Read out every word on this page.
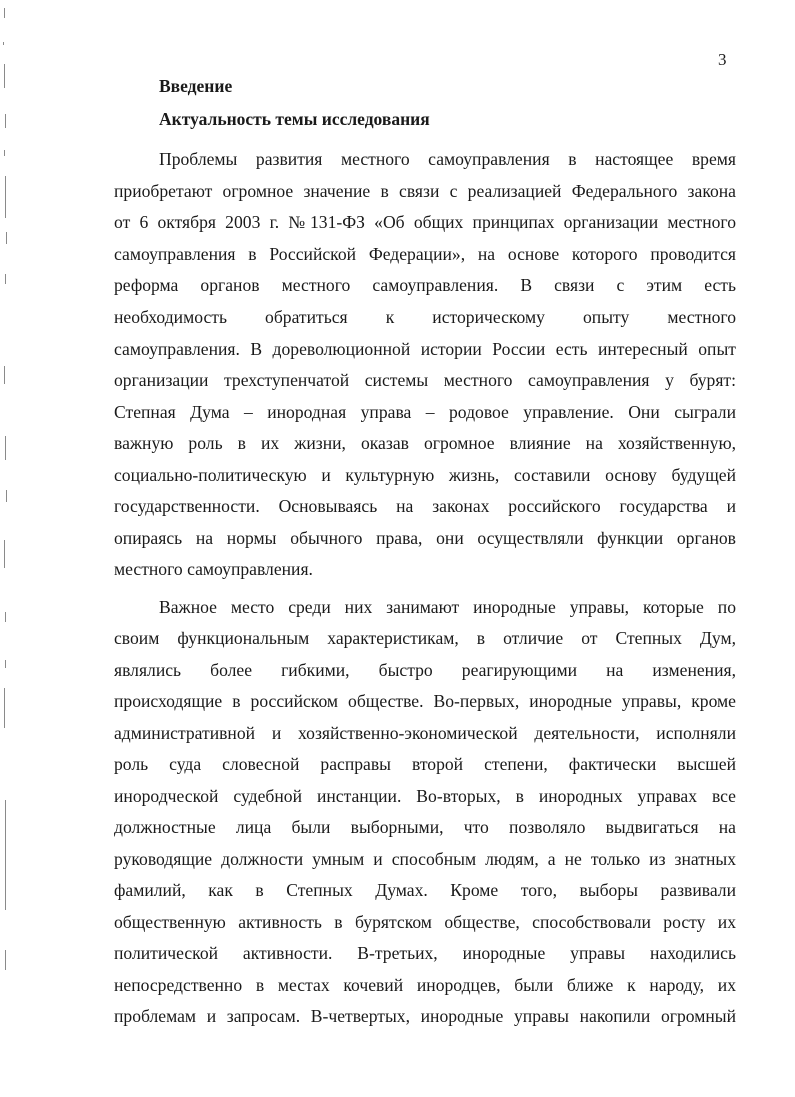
3
Введение
Актуальность темы исследования
Проблемы развития местного самоуправления в настоящее время
приобретают огромное значение в связи с реализацией Федерального закона
от 6 октября 2003 г. №131-ФЗ «Об общих принципах организации местного
самоуправления в Российской Федерации», на основе которого проводится
реформа органов местного самоуправления. В связи с этим есть
необходимость обратиться к историческому опыту местного
самоуправления. В дореволюционной истории России есть интересный опыт
организации трехступенчатой системы местного самоуправления у бурят:
Степная Дума – инородная управа – родовое управление. Они сыграли
важную роль в их жизни, оказав огромное влияние на хозяйственную,
социально-политическую и культурную жизнь, составили основу будущей
государственности. Основываясь на законах российского государства и
опираясь на нормы обычного права, они осуществляли функции органов
местного самоуправления.
Важное место среди них занимают инородные управы, которые по
своим функциональным характеристикам, в отличие от Степных Дум,
являлись более гибкими, быстро реагирующими на изменения,
происходящие в российском обществе. Во-первых, инородные управы, кроме
административной и хозяйственно-экономической деятельности, исполняли
роль суда словесной расправы второй степени, фактически высшей
инородческой судебной инстанции. Во-вторых, в инородных управах все
должностные лица были выборными, что позволяло выдвигаться на
руководящие должности умным и способным людям, а не только из знатных
фамилий, как в Степных Думах. Кроме того, выборы развивали
общественную активность в бурятском обществе, способствовали росту их
политической активности. В-третьих, инородные управы находились
непосредственно в местах кочевий инородцев, были ближе к народу, их
проблемам и запросам. В-четвертых, инородные управы накопили огромный
